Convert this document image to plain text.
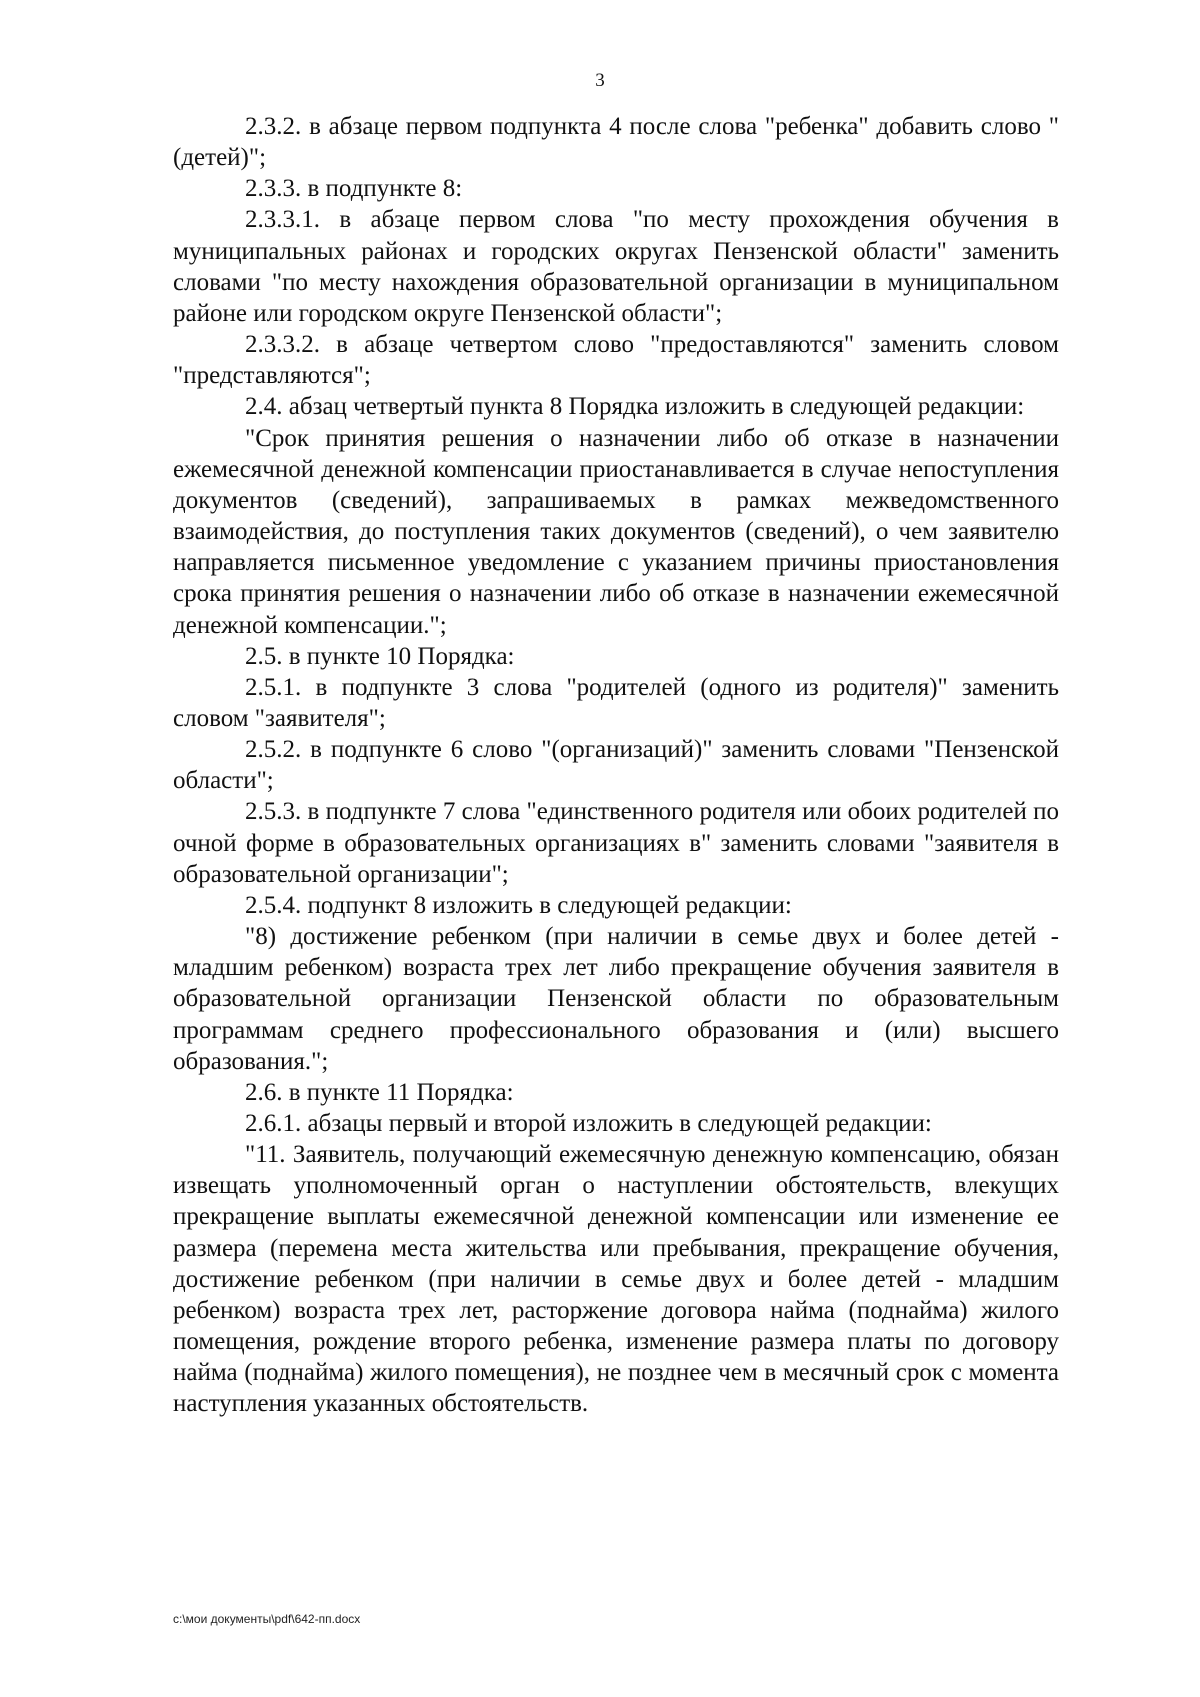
3

2.3.2. в абзаце первом подпункта 4 после слова "ребенка" добавить слово "(детей)";

2.3.3. в подпункте 8:

2.3.3.1. в абзаце первом слова "по месту прохождения обучения в муниципальных районах и городских округах Пензенской области" заменить словами "по месту нахождения образовательной организации в муниципальном районе или городском округе Пензенской области";

2.3.3.2. в абзаце четвертом слово "предоставляются" заменить словом "представляются";

2.4. абзац четвертый пункта 8 Порядка изложить в следующей редакции:

"Срок принятия решения о назначении либо об отказе в назначении ежемесячной денежной компенсации приостанавливается в случае непоступления документов (сведений), запрашиваемых в рамках межведомственного взаимодействия, до поступления таких документов (сведений), о чем заявителю направляется письменное уведомление с указанием причины приостановления срока принятия решения о назначении либо об отказе в назначении ежемесячной денежной компенсации.";

2.5. в пункте 10 Порядка:

2.5.1. в подпункте 3 слова "родителей (одного из родителя)" заменить словом "заявителя";

2.5.2. в подпункте 6 слово "(организаций)" заменить словами "Пензенской области";

2.5.3. в подпункте 7 слова "единственного родителя или обоих родителей по очной форме в образовательных организациях в" заменить словами "заявителя в образовательной организации";

2.5.4. подпункт 8 изложить в следующей редакции:

"8) достижение ребенком (при наличии в семье двух и более детей - младшим ребенком) возраста трех лет либо прекращение обучения заявителя в образовательной организации Пензенской области по образовательным программам среднего профессионального образования и (или) высшего образования.";

2.6. в пункте 11 Порядка:

2.6.1. абзацы первый и второй изложить в следующей редакции:

"11. Заявитель, получающий ежемесячную денежную компенсацию, обязан извещать уполномоченный орган о наступлении обстоятельств, влекущих прекращение выплаты ежемесячной денежной компенсации или изменение ее размера (перемена места жительства или пребывания, прекращение обучения, достижение ребенком (при наличии в семье двух и более детей - младшим ребенком) возраста трех лет, расторжение договора найма (поднайма) жилого помещения, рождение второго ребенка, изменение размера платы по договору найма (поднайма) жилого помещения), не позднее чем в месячный срок с момента наступления указанных обстоятельств.

c:\мои документы\pdf\642-пп.docx
